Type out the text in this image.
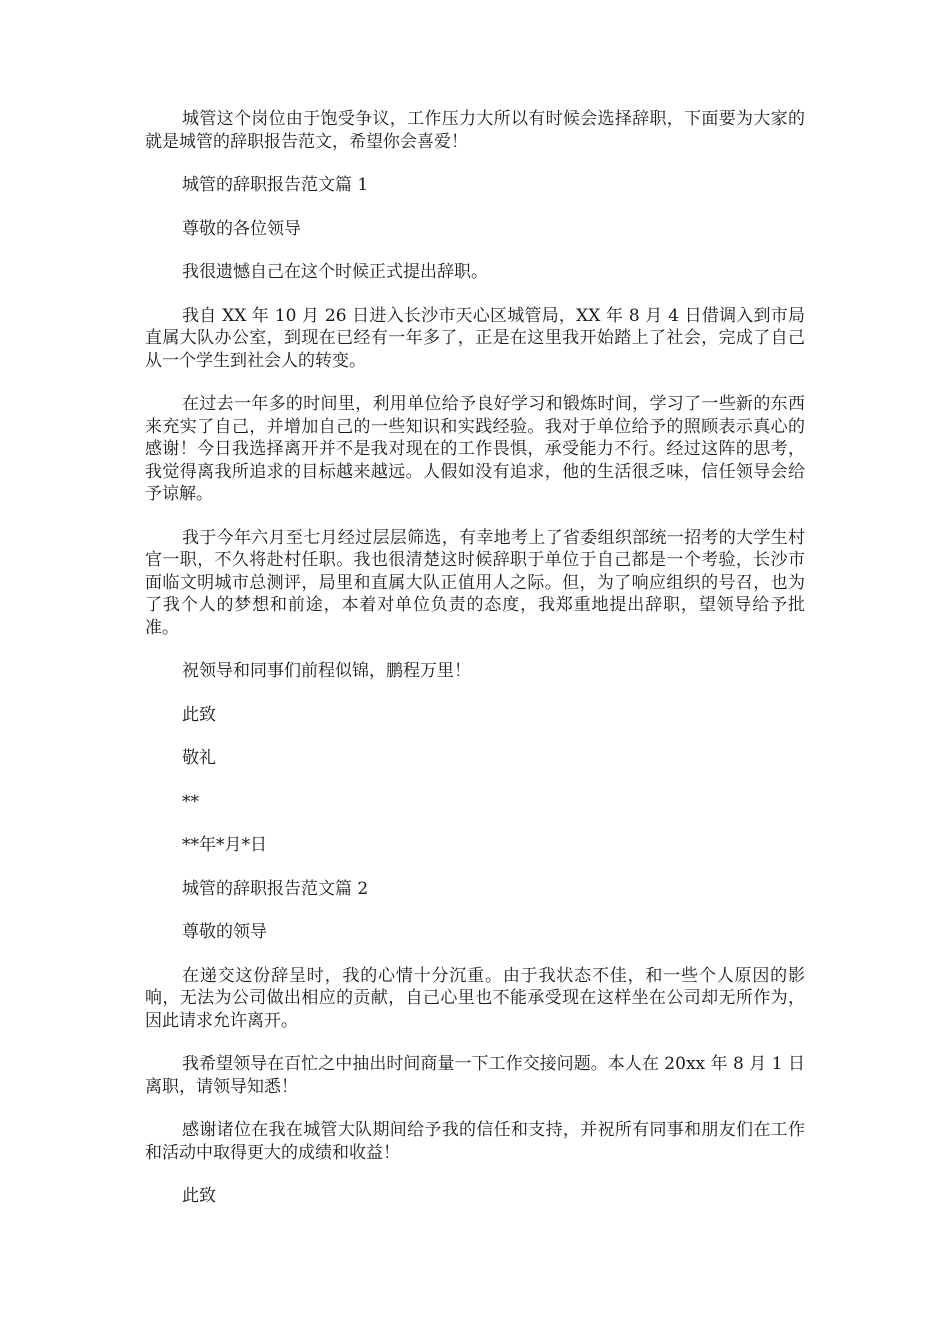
城管这个岗位由于饱受争议，工作压力大所以有时候会选择辞职，下面要为大家的就是城管的辞职报告范文，希望你会喜爱！

城管的辞职报告范文篇 1

尊敬的各位领导

我很遗憾自己在这个时候正式提出辞职。

我自 XX 年 10 月 26 日进入长沙市天心区城管局，XX 年 8 月 4 日借调入到市局直属大队办公室，到现在已经有一年多了，正是在这里我开始踏上了社会，完成了自己从一个学生到社会人的转变。

在过去一年多的时间里，利用单位给予良好学习和锻炼时间，学习了一些新的东西来充实了自己，并增加自己的一些知识和实践经验。我对于单位给予的照顾表示真心的感谢！今日我选择离开并不是我对现在的工作畏惧，承受能力不行。经过这阵的思考，我觉得离我所追求的目标越来越远。人假如没有追求，他的生活很乏味，信任领导会给予谅解。

我于今年六月至七月经过层层筛选，有幸地考上了省委组织部统一招考的大学生村官一职，不久将赴村任职。我也很清楚这时候辞职于单位于自己都是一个考验，长沙市面临文明城市总测评，局里和直属大队正值用人之际。但，为了响应组织的号召，也为了我个人的梦想和前途，本着对单位负责的态度，我郑重地提出辞职，望领导给予批准。

祝领导和同事们前程似锦，鹏程万里！

此致

敬礼

**

**年*月*日

城管的辞职报告范文篇 2

尊敬的领导

在递交这份辞呈时，我的心情十分沉重。由于我状态不佳，和一些个人原因的影响，无法为公司做出相应的贡献，自己心里也不能承受现在这样坐在公司却无所作为，因此请求允许离开。

我希望领导在百忙之中抽出时间商量一下工作交接问题。本人在 20xx 年 8 月 1 日离职，请领导知悉！

感谢诸位在我在城管大队期间给予我的信任和支持，并祝所有同事和朋友们在工作和活动中取得更大的成绩和收益！

此致
